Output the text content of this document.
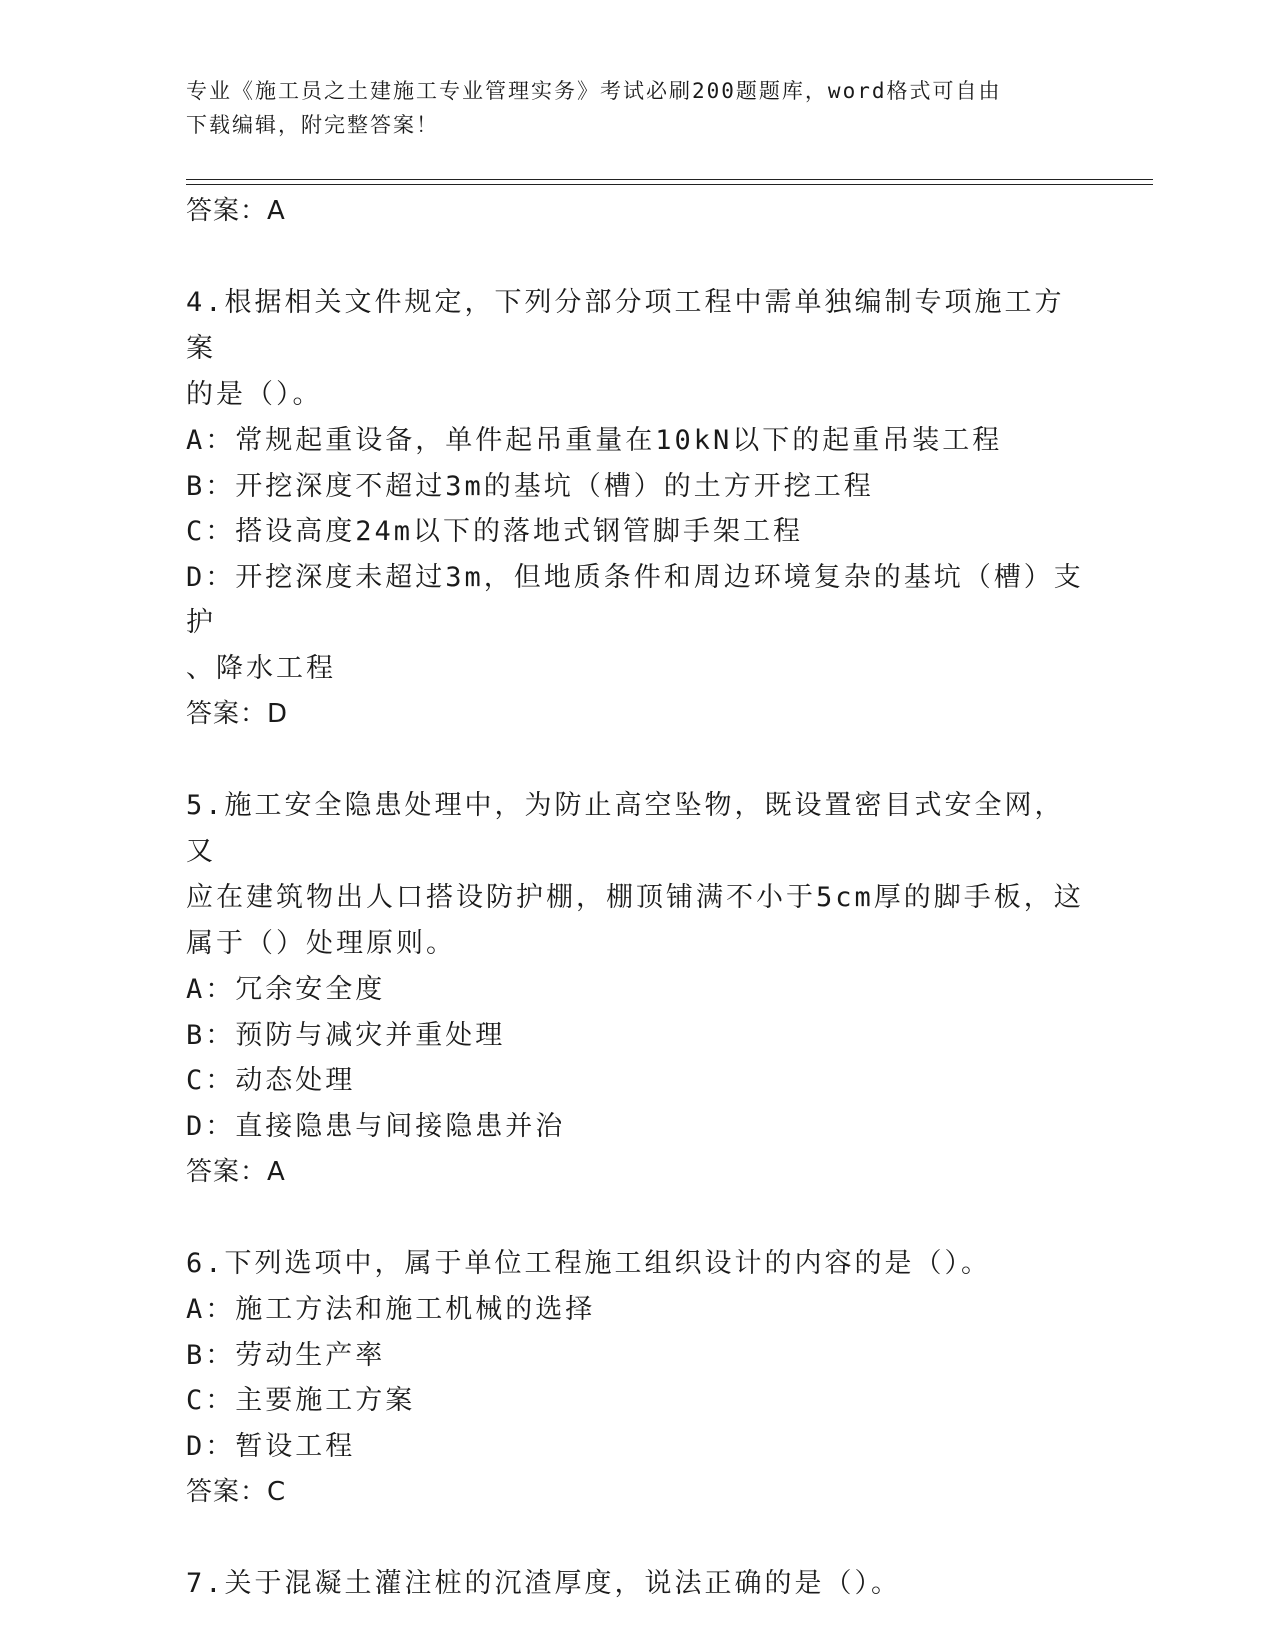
专业《施工员之土建施工专业管理实务》考试必刷200题题库，word格式可自由
下载编辑，附完整答案！
答案：A
4.根据相关文件规定，下列分部分项工程中需单独编制专项施工方案
的是（）。
A：常规起重设备，单件起吊重量在10kN以下的起重吊装工程
B：开挖深度不超过3m的基坑（槽）的土方开挖工程
C：搭设高度24m以下的落地式钢管脚手架工程
D：开挖深度未超过3m，但地质条件和周边环境复杂的基坑（槽）支护
、降水工程
答案：D
5.施工安全隐患处理中，为防止高空坠物，既设置密目式安全网，又
应在建筑物出人口搭设防护棚，棚顶铺满不小于5cm厚的脚手板，这
属于（）处理原则。
A：冗余安全度
B：预防与减灾并重处理
C：动态处理
D：直接隐患与间接隐患并治
答案：A
6.下列选项中，属于单位工程施工组织设计的内容的是（）。
A：施工方法和施工机械的选择
B：劳动生产率
C：主要施工方案
D：暂设工程
答案：C
7.关于混凝土灌注桩的沉渣厚度，说法正确的是（）。
